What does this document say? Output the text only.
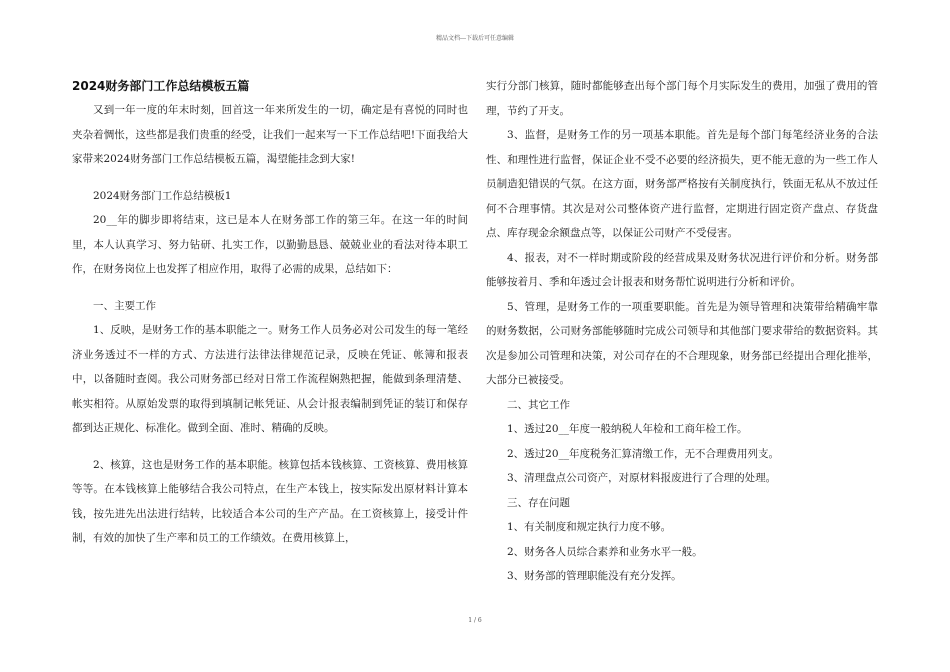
精品文档---下载后可任意编辑
2024财务部门工作总结模板五篇

又到一年一度的年末时刻，回首这一年来所发生的一切，确定是有喜悦的同时也夹杂着惆怅，这些都是我们贵重的经受，让我们一起来写一下工作总结吧!下面我给大家带来2024财务部门工作总结模板五篇，渴望能挂念到大家!

2024财务部门工作总结模板1

20__年的脚步即将结束，这已是本人在财务部工作的第三年。在这一年的时间里，本人认真学习、努力钻研、扎实工作，以勤勤恳恳、兢兢业业的看法对待本职工作，在财务岗位上也发挥了相应作用，取得了必需的成果，总结如下：

一、主要工作

1、反映，是财务工作的基本职能之一。财务工作人员务必对公司发生的每一笔经济业务透过不一样的方式、方法进行法律法律规范记录，反映在凭证、帐簿和报表中，以备随时查阅。我公司财务部已经对日常工作流程娴熟把握，能做到条理清楚、帐实相符。从原始发票的取得到填制记帐凭证、从会计报表编制到凭证的装订和保存都到达正规化、标准化。做到全面、准时、精确的反映。

2、核算，这也是财务工作的基本职能。核算包括本钱核算、工资核算、费用核算等等。在本钱核算上能够结合我公司特点，在生产本钱上，按实际发出原材料计算本钱，按先进先出法进行结转，比较适合本公司的生产产品。在工资核算上，接受计件制，有效的加快了生产率和员工的工作绩效。在费用核算上，

实行分部门核算，随时都能够查出每个部门每个月实际发生的费用，加强了费用的管理，节约了开支。

3、监督，是财务工作的另一项基本职能。首先是每个部门每笔经济业务的合法性、和理性进行监督，保证企业不受不必要的经济损失，更不能无意的为一些工作人员制造犯错误的气氛。在这方面，财务部严格按有关制度执行，铁面无私从不放过任何不合理事情。其次是对公司整体资产进行监督，定期进行固定资产盘点、存货盘点、库存现金余额盘点等，以保证公司财产不受侵害。

4、报表，对不一样时期或阶段的经营成果及财务状况进行评价和分析。财务部能够按着月、季和年透过会计报表和财务帮忙说明进行分析和评价。

5、管理，是财务工作的一项重要职能。首先是为领导管理和决策带给精确牢靠的财务数据，公司财务部能够随时完成公司领导和其他部门要求带给的数据资料。其次是参加公司管理和决策，对公司存在的不合理现象，财务部已经提出合理化推举，大部分已被接受。

二、其它工作

1、透过20__年度一般纳税人年检和工商年检工作。

2、透过20__年度税务汇算清缴工作，无不合理费用列支。

3、清理盘点公司资产，对原材料报废进行了合理的处理。

三、存在问题

1、有关制度和规定执行力度不够。

2、财务各人员综合素养和业务水平一般。

3、财务部的管理职能没有充分发挥。

1 / 6
